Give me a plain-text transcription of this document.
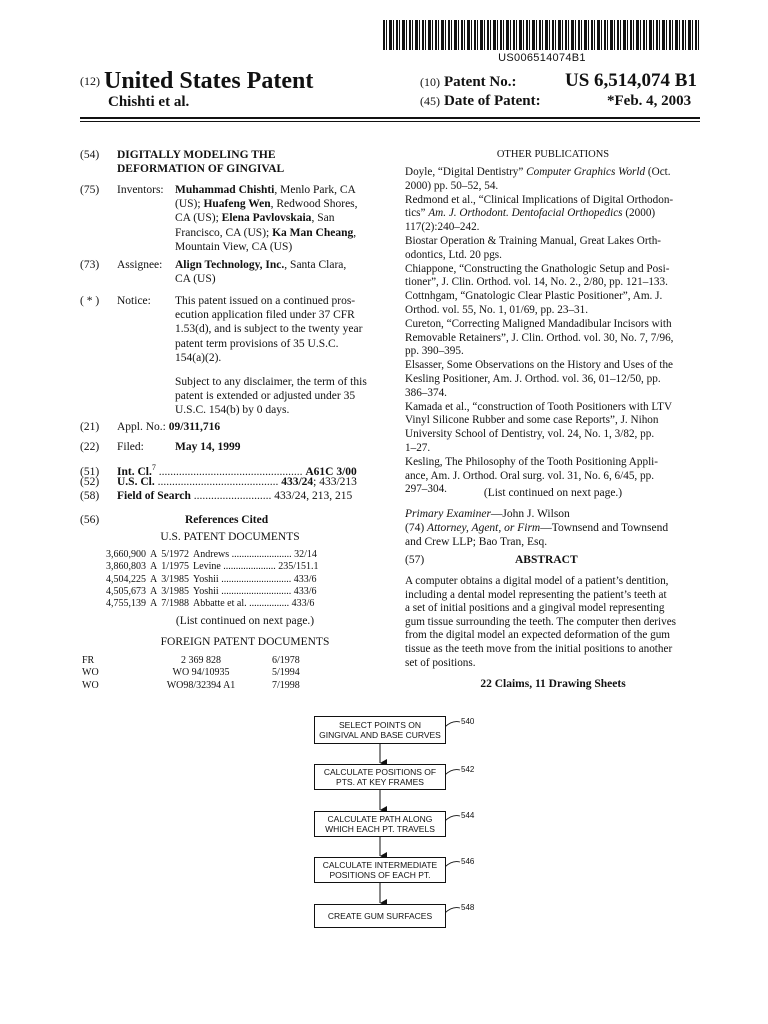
US006514074B1
(12) United States Patent
Chishti et al.
(10) Patent No.:	US 6,514,074 B1
(45) Date of Patent:	*Feb. 4, 2003
(54)	DIGITALLY MODELING THE
DEFORMATION OF GINGIVAL
(75)	Inventors: Muhammad Chishti, Menlo Park, CA
(US); Huafeng Wen, Redwood Shores,
CA (US); Elena Pavlovskaia, San
Francisco, CA (US); Ka Man Cheang,
Mountain View, CA (US)
(73)	Assignee:	Align Technology, Inc., Santa Clara,
CA (US)
( * )	Notice:	This patent issued on a continued pros-
ecution application filed under 37 CFR
1.53(d), and is subject to the twenty year
patent term provisions of 35 U.S.C.
154(a)(2).
Subject to any disclaimer, the term of this
patent is extended or adjusted under 35
U.S.C. 154(b) by 0 days.
(21) Appl. No.: 09/311,716
(22) Filed:	May 14, 1999
(51) Int. Cl.$^7$ .................................................. A61C 3/00
(52) U.S. Cl. .......................................... 433/24; 433/213
(58) Field of Search ........................... 433/24, 213, 215
(56)	References Cited
U.S. PATENT DOCUMENTS
3,660,900	A	5/1972	Andrews ........................ 32/14
3,860,803	A	1/1975	Levine ..................... 235/151.1
4,504,225	A	3/1985	Yoshii ............................ 433/6
4,505,673	A	3/1985	Yoshii ............................ 433/6
4,755,139	A	7/1988	Abbatte et al. ................ 433/6
(List continued on next page.)
FOREIGN PATENT DOCUMENTS
FR	2 369 828	6/1978
WO	WO 94/10935	5/1994
WO	WO98/32394 A1	7/1998
OTHER PUBLICATIONS
Doyle, “Digital Dentistry” Computer Graphics World (Oct.
2000) pp. 50–52, 54.
Redmond et al., “Clinical Implications of Digital Orthodon-
tics” Am. J. Orthodont. Dentofacial Orthopedics (2000)
117(2):240–242.
Biostar Operation & Training Manual, Great Lakes Orth-
odontics, Ltd. 20 pgs.
Chiappone, “Constructing the Gnathologic Setup and Posi-
tioner”, J. Clin. Orthod. vol. 14, No. 2., 2/80, pp. 121–133.
Cottnhgam, “Gnatologic Clear Plastic Positioner”, Am. J.
Orthod. vol. 55, No. 1, 01/69, pp. 23–31.
Cureton, “Correcting Maligned Mandadibular Incisors with
Removable Retainers”, J. Clin. Orthod. vol. 30, No. 7, 7/96,
pp. 390–395.
Elsasser, Some Observations on the History and Uses of the
Kesling Positioner, Am. J. Orthod. vol. 36, 01–12/50, pp.
386–374.
Kamada et al., “construction of Tooth Positioners with LTV
Vinyl Silicone Rubber and some case Reports”, J. Nihon
University School of Dentistry, vol. 24, No. 1, 3/82, pp.
1–27.
Kesling, The Philosophy of the Tooth Positioning Appli-
ance, Am. J. Orthod. Oral surg. vol. 31, No. 6, 6/45, pp.
297–304.	(List continued on next page.)
Primary Examiner—John J. Wilson
(74) Attorney, Agent, or Firm—Townsend and Townsend
and Crew LLP; Bao Tran, Esq.
(57)	ABSTRACT
A computer obtains a digital model of a patient’s dentition,
including a dental model representing the patient’s teeth at
a set of initial positions and a gingival model representing
gum tissue surrounding the teeth. The computer then derives
from the digital model an expected deformation of the gum
tissue as the teeth move from the initial positions to another
set of positions.
22 Claims, 11 Drawing Sheets
SELECT POINTS ON
GINGIVAL AND BASE CURVES
540
CALCULATE POSITIONS OF
PTS. AT KEY FRAMES
542
CALCULATE PATH ALONG
WHICH EACH PT. TRAVELS
544
CALCULATE INTERMEDIATE
POSITIONS OF EACH PT.
546
CREATE GUM SURFACES
548
